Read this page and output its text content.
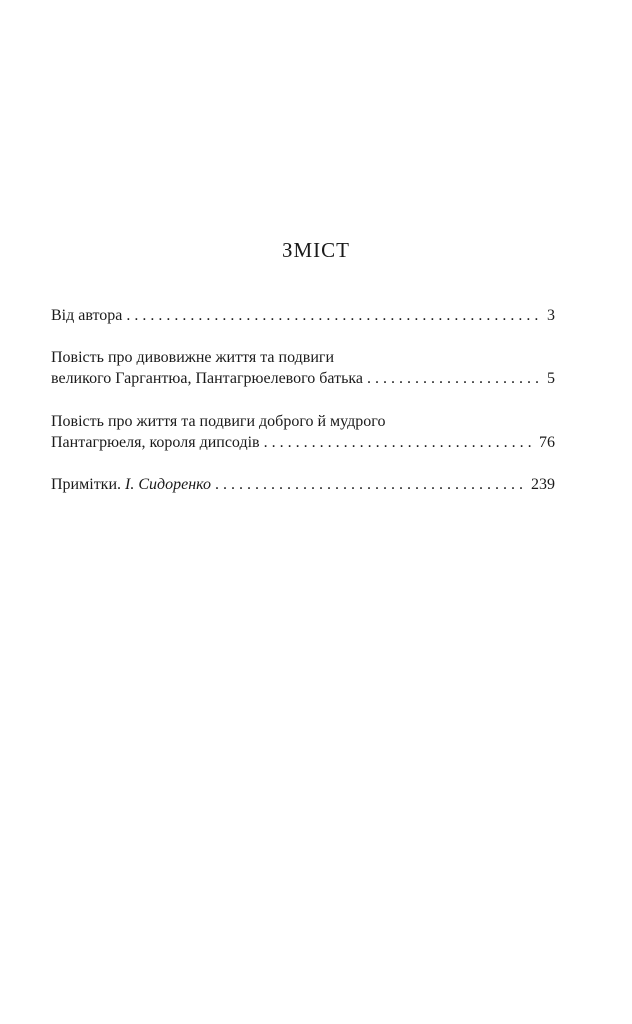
ЗМІСТ
Від автора . . .	3
Повість про дивовижне життя та подвиги
великого Гаргантюа, Пантагрюелевого батька . . .	5
Повість про життя та подвиги доброго й мудрого
Пантагрюеля, короля дипсодів . . .	76
Примітки. І. Сидоренко . . .	239
